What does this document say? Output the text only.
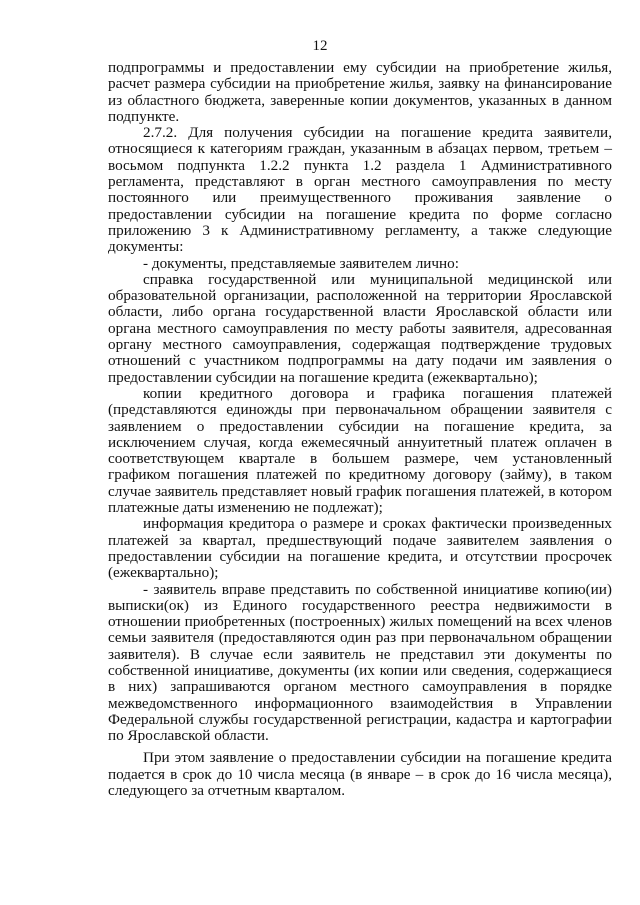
12

подпрограммы и предоставлении ему субсидии на приобретение жилья, расчет размера субсидии на приобретение жилья, заявку на финансирование из областного бюджета, заверенные копии документов, указанных в данном подпункте.

2.7.2. Для получения субсидии на погашение кредита заявители, относящиеся к категориям граждан, указанным в абзацах первом, третьем – восьмом подпункта 1.2.2 пункта 1.2 раздела 1 Административного регламента, представляют в орган местного самоуправления по месту постоянного или преимущественного проживания заявление о предоставлении субсидии на погашение кредита по форме согласно приложению 3 к Административному регламенту, а также следующие документы:

- документы, представляемые заявителем лично:

справка государственной или муниципальной медицинской или образовательной организации, расположенной на территории Ярославской области, либо органа государственной власти Ярославской области или органа местного самоуправления по месту работы заявителя, адресованная органу местного самоуправления, содержащая подтверждение трудовых отношений с участником подпрограммы на дату подачи им заявления о предоставлении субсидии на погашение кредита (ежеквартально);

копии кредитного договора и графика погашения платежей (представляются единожды при первоначальном обращении заявителя с заявлением о предоставлении субсидии на погашение кредита, за исключением случая, когда ежемесячный аннуитетный платеж оплачен в соответствующем квартале в большем размере, чем установленный графиком погашения платежей по кредитному договору (займу), в таком случае заявитель представляет новый график погашения платежей, в котором платежные даты изменению не подлежат);

информация кредитора о размере и сроках фактически произведенных платежей за квартал, предшествующий подаче заявителем заявления о предоставлении субсидии на погашение кредита, и отсутствии просрочек (ежеквартально);

- заявитель вправе представить по собственной инициативе копию(ии) выписки(ок) из Единого государственного реестра недвижимости в отношении приобретенных (построенных) жилых помещений на всех членов семьи заявителя (предоставляются один раз при первоначальном обращении заявителя). В случае если заявитель не представил эти документы по собственной инициативе, документы (их копии или сведения, содержащиеся в них) запрашиваются органом местного самоуправления в порядке межведомственного информационного взаимодействия в Управлении Федеральной службы государственной регистрации, кадастра и картографии по Ярославской области.

При этом заявление о предоставлении субсидии на погашение кредита подается в срок до 10 числа месяца (в январе – в срок до 16 числа месяца), следующего за отчетным кварталом.
